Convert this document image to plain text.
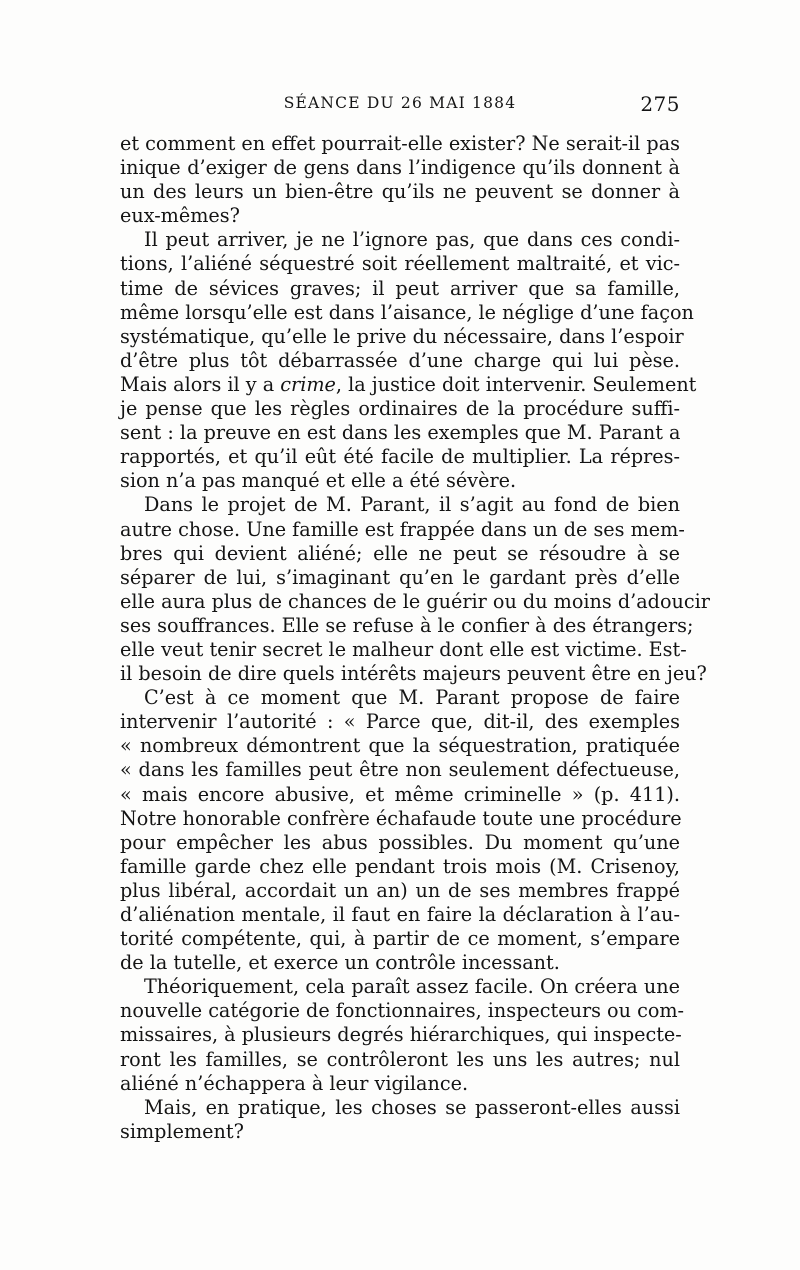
SÉANCE DU 26 MAI 1884	275
et comment en effet pourrait-elle exister? Ne serait-il pas
inique d’exiger de gens dans l’indigence qu’ils donnent à
un des leurs un bien-être qu’ils ne peuvent se donner à
eux-mêmes?
Il peut arriver, je ne l’ignore pas, que dans ces condi-
tions, l’aliéné séquestré soit réellement maltraité, et vic-
time de sévices graves; il peut arriver que sa famille,
même lorsqu’elle est dans l’aisance, le néglige d’une façon
systématique, qu’elle le prive du nécessaire, dans l’espoir
d’être plus tôt débarrassée d’une charge qui lui pèse.
Mais alors il y a crime, la justice doit intervenir. Seulement
je pense que les règles ordinaires de la procédure suffi-
sent : la preuve en est dans les exemples que M. Parant a
rapportés, et qu’il eût été facile de multiplier. La répres-
sion n’a pas manqué et elle a été sévère.
Dans le projet de M. Parant, il s’agit au fond de bien
autre chose. Une famille est frappée dans un de ses mem-
bres qui devient aliéné; elle ne peut se résoudre à se
séparer de lui, s’imaginant qu’en le gardant près d’elle
elle aura plus de chances de le guérir ou du moins d’adoucir
ses souffrances. Elle se refuse à le confier à des étrangers;
elle veut tenir secret le malheur dont elle est victime. Est-
il besoin de dire quels intérêts majeurs peuvent être en jeu?
C’est à ce moment que M. Parant propose de faire
intervenir l’autorité : « Parce que, dit-il, des exemples
« nombreux démontrent que la séquestration, pratiquée
« dans les familles peut être non seulement défectueuse,
« mais encore abusive, et même criminelle » (p. 411).
Notre honorable confrère échafaude toute une procédure
pour empêcher les abus possibles. Du moment qu’une
famille garde chez elle pendant trois mois (M. Crisenoy,
plus libéral, accordait un an) un de ses membres frappé
d’aliénation mentale, il faut en faire la déclaration à l’au-
torité compétente, qui, à partir de ce moment, s’empare
de la tutelle, et exerce un contrôle incessant.
Théoriquement, cela paraît assez facile. On créera une
nouvelle catégorie de fonctionnaires, inspecteurs ou com-
missaires, à plusieurs degrés hiérarchiques, qui inspecte-
ront les familles, se contrôleront les uns les autres; nul
aliéné n’échappera à leur vigilance.
Mais, en pratique, les choses se passeront-elles aussi
simplement?
